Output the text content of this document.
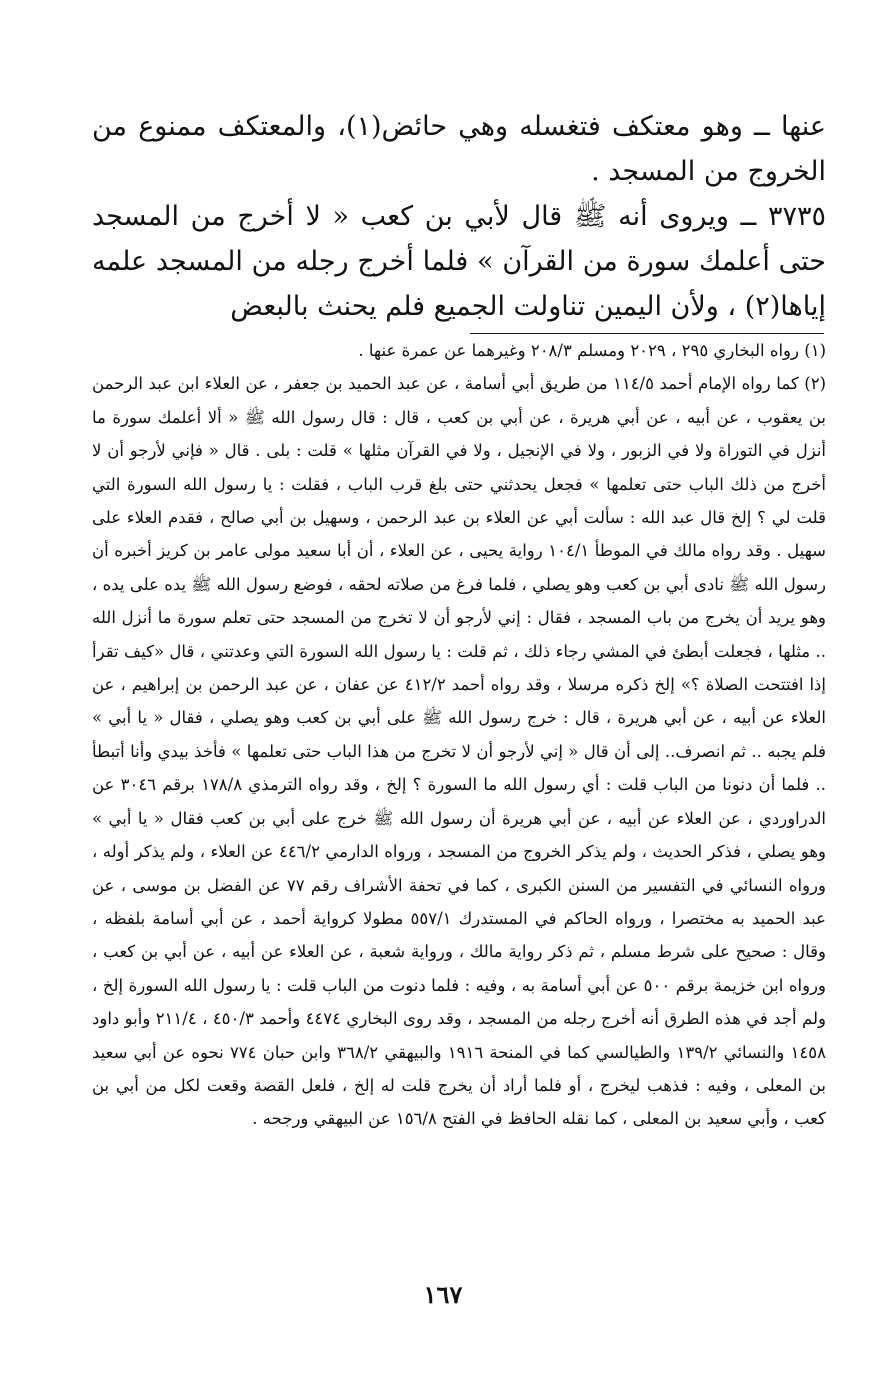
عنها ــ وهو معتكف فتغسله وهي حائض(١)، والمعتكف ممنوع من الخروج من المسجد .

٣٧٣٥ ــ ويروى أنه ﷺ قال لأبي بن كعب « لا أخرج من المسجد حتى أعلمك سورة من القرآن » فلما أخرج رجله من المسجد علمه إياها(٢) ، ولأن اليمين تناولت الجميع فلم يحنث بالبعض

(١) رواه البخاري ٢٩٥ ، ٢٠٢٩ ومسلم ٢٠٨/٣ وغيرهما عن عمرة عنها .

(٢) كما رواه الإمام أحمد ١١٤/٥ من طريق أبي أسامة ، عن عبد الحميد بن جعفر ، عن العلاء ابن عبد الرحمن بن يعقوب ، عن أبيه ، عن أبي هريرة ، عن أبي بن كعب ، قال : قال رسول الله ﷺ « ألا أعلمك سورة ما أنزل في التوراة ولا في الزبور ، ولا في الإنجيل ، ولا في القرآن مثلها » قلت : بلى . قال « فإني لأرجو أن لا أخرج من ذلك الباب حتى تعلمها » فجعل يحدثني حتى بلغ قرب الباب ، فقلت : يا رسول الله السورة التي قلت لي ؟ إلخ قال عبد الله : سألت أبي عن العلاء بن عبد الرحمن ، وسهيل بن أبي صالح ، فقدم العلاء على سهيل . وقد رواه مالك في الموطأ ١٠٤/١ رواية يحيى ، عن العلاء ، أن أبا سعيد مولى عامر بن كريز أخبره أن رسول الله ﷺ نادى أبي بن كعب وهو يصلي ، فلما فرغ من صلاته لحقه ، فوضع رسول الله ﷺ يده على يده ، وهو يريد أن يخرج من باب المسجد ، فقال : إني لأرجو أن لا تخرج من المسجد حتى تعلم سورة ما أنزل الله .. مثلها ، فجعلت أبطئ في المشي رجاء ذلك ، ثم قلت : يا رسول الله السورة التي وعدتني ، قال «كيف تقرأ إذا افتتحت الصلاة ؟» إلخ ذكره مرسلا ، وقد رواه أحمد ٤١٢/٢ عن عفان ، عن عبد الرحمن بن إبراهيم ، عن العلاء عن أبيه ، عن أبي هريرة ، قال : خرج رسول الله ﷺ على أبي بن كعب وهو يصلي ، فقال « يا أبي » فلم يجبه .. ثم انصرف.. إلى أن قال « إني لأرجو أن لا تخرج من هذا الباب حتى تعلمها » فأخذ بيدي وأنا أتبطأ .. فلما أن دنونا من الباب قلت : أي رسول الله ما السورة ؟ إلخ ، وقد رواه الترمذي ١٧٨/٨ برقم ٣٠٤٦ عن الدراوردي ، عن العلاء عن أبيه ، عن أبي هريرة أن رسول الله ﷺ خرج على أبي بن كعب فقال « يا أبي » وهو يصلي ، فذكر الحديث ، ولم يذكر الخروج من المسجد ، ورواه الدارمي ٤٤٦/٢ عن العلاء ، ولم يذكر أوله ، ورواه النسائي في التفسير من السنن الكبرى ، كما في تحفة الأشراف رقم ٧٧ عن الفضل بن موسى ، عن عبد الحميد به مختصرا ، ورواه الحاكم في المستدرك ٥٥٧/١ مطولا كرواية أحمد ، عن أبي أسامة بلفظه ، وقال : صحيح على شرط مسلم ، ثم ذكر رواية مالك ، ورواية شعبة ، عن العلاء عن أبيه ، عن أبي بن كعب ، ورواه ابن خزيمة برقم ٥٠٠ عن أبي أسامة به ، وفيه : فلما دنوت من الباب قلت : يا رسول الله السورة إلخ ، ولم أجد في هذه الطرق أنه أخرج رجله من المسجد ، وقد روى البخاري ٤٤٧٤ وأحمد ٤٥٠/٣ ، ٢١١/٤ وأبو داود ١٤٥٨ والنسائي ١٣٩/٢ والطيالسي كما في المنحة ١٩١٦ والبيهقي ٣٦٨/٢ وابن حبان ٧٧٤ نحوه عن أبي سعيد بن المعلى ، وفيه : فذهب ليخرج ، أو فلما أراد أن يخرج قلت له إلخ ، فلعل القصة وقعت لكل من أبي بن كعب ، وأبي سعيد بن المعلى ، كما نقله الحافظ في الفتح ١٥٦/٨ عن البيهقي ورجحه .

١٦٧
